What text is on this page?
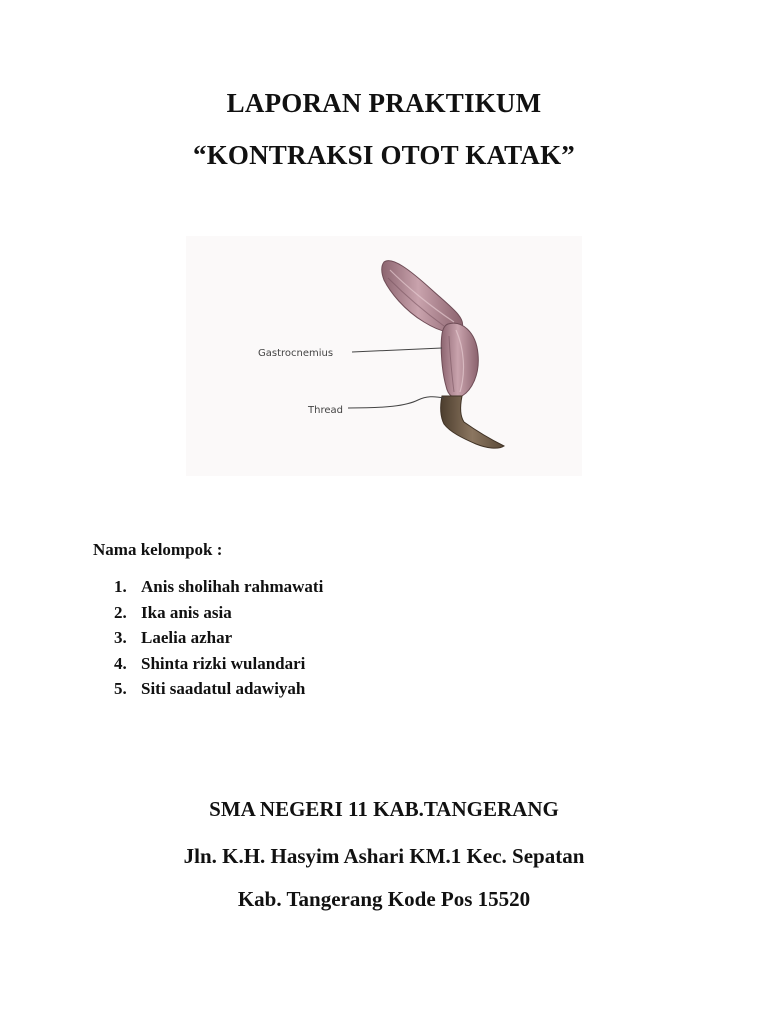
LAPORAN PRAKTIKUM
“KONTRAKSI OTOT KATAK”
Gastrocnemius
Thread
Nama kelompok :
1. Anis sholihah rahmawati
2. Ika anis asia
3. Laelia azhar
4. Shinta rizki wulandari
5. Siti saadatul adawiyah
SMA NEGERI 11 KAB.TANGERANG
Jln. K.H. Hasyim Ashari KM.1 Kec. Sepatan
Kab. Tangerang Kode Pos 15520
